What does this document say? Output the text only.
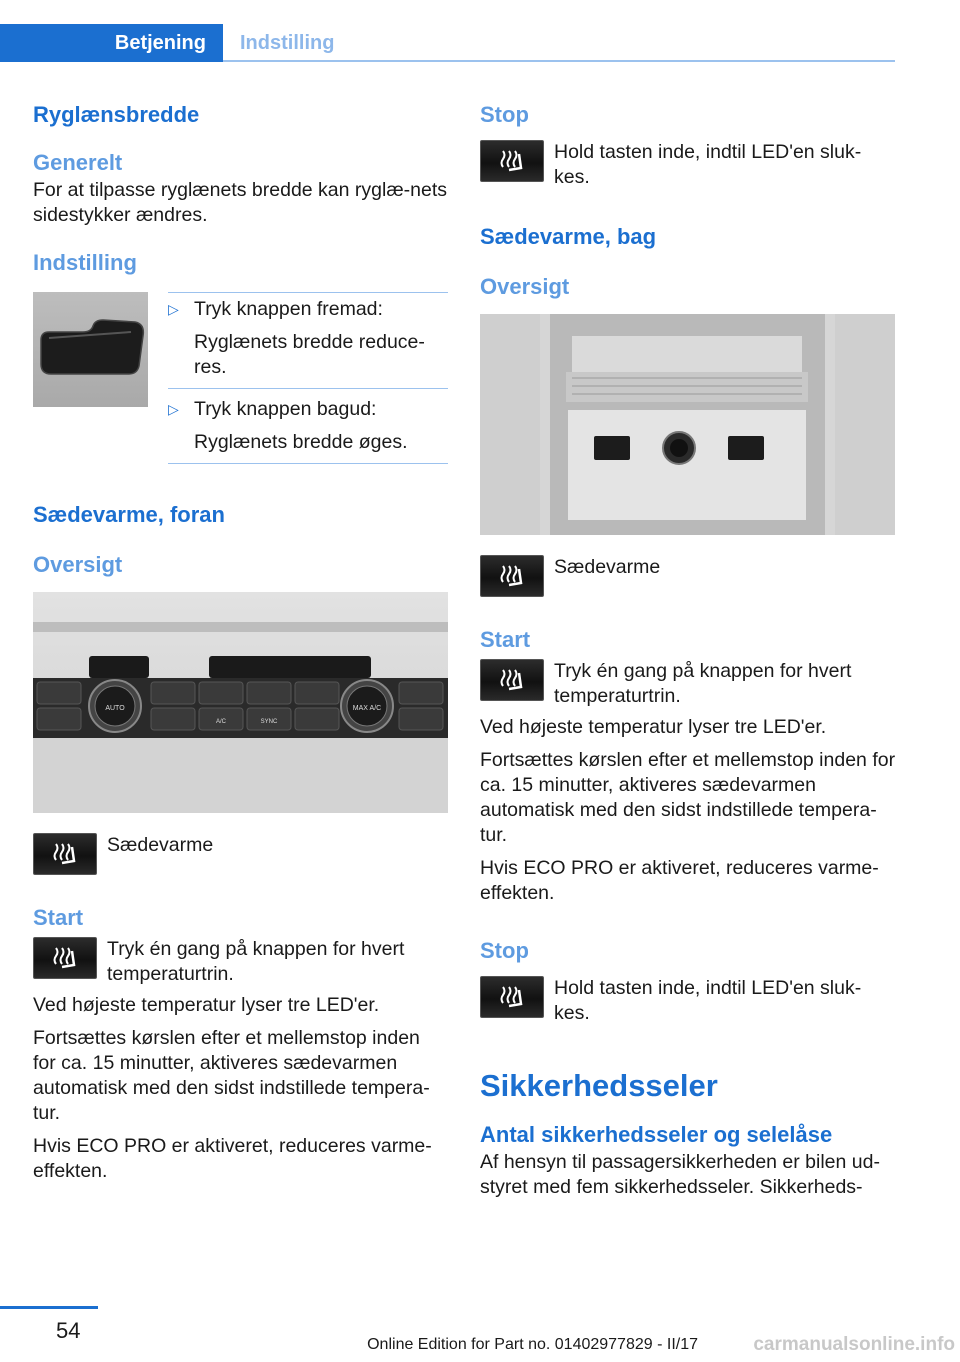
Betjening	Indstilling
Ryglænsbredde
Generelt

For at tilpasse ryglænets bredde kan ryglæ-nets sidestykker ændres.

Indstilling
▷ Tryk knappen fremad:
Ryglænets bredde reduce-res.
▷ Tryk knappen bagud:
Ryglænets bredde øges.
Sædevarme, foran
Oversigt
AUTO	MAX A/C
A/C	SYNC

Sædevarme

Start

Tryk én gang på knappen for hvert temperaturtrin.

Ved højeste temperatur lyser tre LED'er.

Fortsættes kørslen efter et mellemstop inden for ca. 15 minutter, aktiveres sædevarmen automatisk med den sidst indstillede tempera-tur.

Hvis ECO PRO er aktiveret, reduceres varme-effekten.

Stop

Hold tasten inde, indtil LED'en sluk-kes.

Sædevarme, bag
Oversigt

Sædevarme

Start

Tryk én gang på knappen for hvert temperaturtrin.

Ved højeste temperatur lyser tre LED'er.

Fortsættes kørslen efter et mellemstop inden for ca. 15 minutter, aktiveres sædevarmen automatisk med den sidst indstillede tempera-tur.

Hvis ECO PRO er aktiveret, reduceres varme-effekten.

Stop

Hold tasten inde, indtil LED'en sluk-kes.

Sikkerhedsseler
Antal sikkerhedsseler og selelåse

Af hensyn til passagersikkerheden er bilen ud-styret med fem sikkerhedsseler. Sikkerheds-

54
Online Edition for Part no. 01402977829 - II/17	carmanualsonline.info
